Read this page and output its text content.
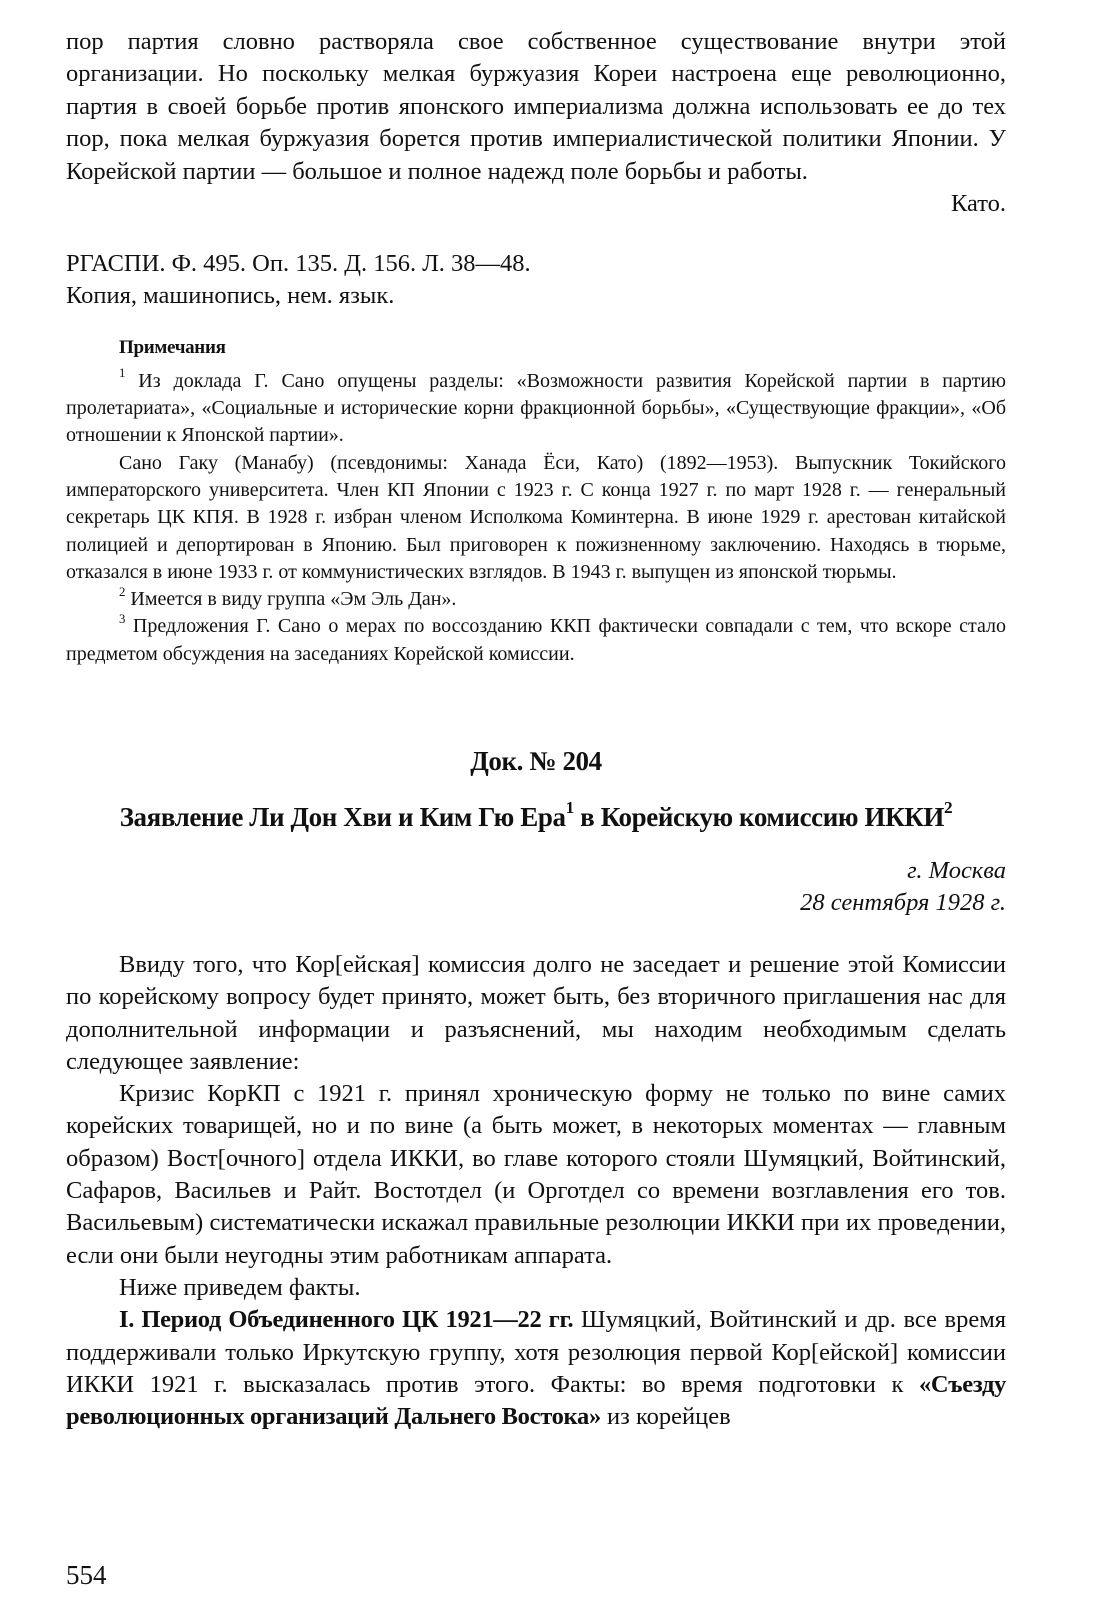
пор партия словно растворяла свое собственное существование внутри этой организации. Но поскольку мелкая буржуазия Кореи настроена еще революционно, партия в своей борьбе против японского империализма должна использовать ее до тех пор, пока мелкая буржуазия борется против империалистической политики Японии. У Корейской партии — большое и полное надежд поле борьбы и работы.

Като.

РГАСПИ. Ф. 495. Оп. 135. Д. 156. Л. 38—48.

Копия, машинопись, нем. язык.

Примечания

$^1$ Из доклада Г. Сано опущены разделы: «Возможности развития Корейской партии в партию пролетариата», «Социальные и исторические корни фракционной борьбы», «Существующие фракции», «Об отношении к Японской партии».

Сано Гаку (Манабу) (псевдонимы: Ханада Ёси, Като) (1892—1953). Выпускник Токийского императорского университета. Член КП Японии с 1923 г. С конца 1927 г. по март 1928 г. — генеральный секретарь ЦК КПЯ. В 1928 г. избран членом Исполкома Коминтерна. В июне 1929 г. арестован китайской полицией и депортирован в Японию. Был приговорен к пожизненному заключению. Находясь в тюрьме, отказался в июне 1933 г. от коммунистических взглядов. В 1943 г. выпущен из японской тюрьмы.

$^2$ Имеется в виду группа «Эм Эль Дан».

$^3$ Предложения Г. Сано о мерах по воссозданию ККП фактически совпадали с тем, что вскоре стало предметом обсуждения на заседаниях Корейской комиссии.

Док. № 204
Заявление Ли Дон Хви и Ким Гю Ера$^1$ в Корейскую комиссию ИККИ$^2$
г. Москва
28 сентября 1928 г.

Ввиду того, что Кор[ейская] комиссия долго не заседает и решение этой Комиссии по корейскому вопросу будет принято, может быть, без вторичного приглашения нас для дополнительной информации и разъяснений, мы находим необходимым сделать следующее заявление:

Кризис КорКП с 1921 г. принял хроническую форму не только по вине самих корейских товарищей, но и по вине (а быть может, в некоторых моментах — главным образом) Вост[очного] отдела ИККИ, во главе которого стояли Шумяцкий, Войтинский, Сафаров, Васильев и Райт. Востотдел (и Орготдел со времени возглавления его тов. Васильевым) систематически искажал правильные резолюции ИККИ при их проведении, если они были неугодны этим работникам аппарата.

Ниже приведем факты.

I. Период Объединенного ЦК 1921—22 гг. Шумяцкий, Войтинский и др. все время поддерживали только Иркутскую группу, хотя резолюция первой Кор[ейской] комиссии ИККИ 1921 г. высказалась против этого. Факты: во время подготовки к «Съезду революционных организаций Дальнего Востока» из корейцев

554
